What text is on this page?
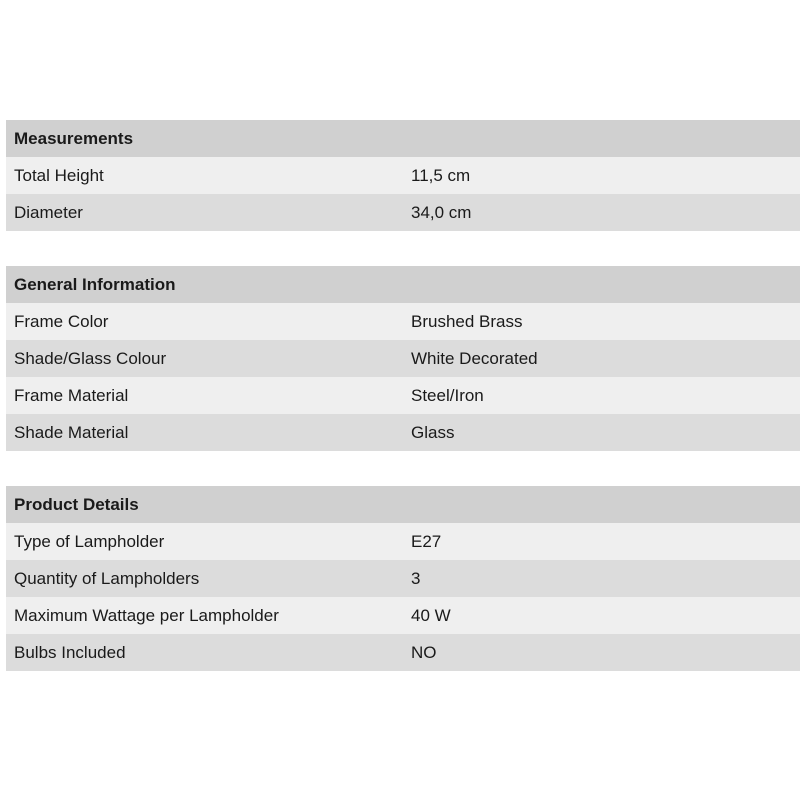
Measurements	
Total Height	11,5 cm
Diameter	34,0 cm
General Information	
Frame Color	Brushed Brass
Shade/Glass Colour	White Decorated
Frame Material	Steel/Iron
Shade Material	Glass
Product Details	
Type of Lampholder	E27
Quantity of Lampholders	3
Maximum Wattage per Lampholder	40 W
Bulbs Included	NO
